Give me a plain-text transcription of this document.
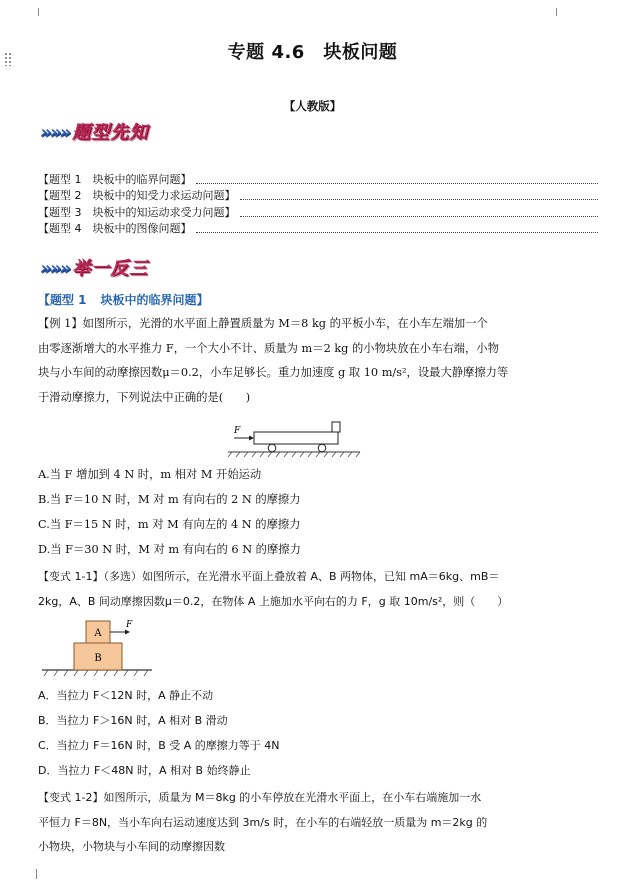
专题 4.6　块板问题
【人教版】
»»» 题型先知
【题型 1　块板中的临界问题】
【题型 2　块板中的知受力求运动问题】
【题型 3　块板中的知运动求受力问题】
【题型 4　块板中的图像问题】
»»» 举一反三
【题型 1 块板中的临界问题】
【例 1】如图所示，光滑的水平面上静置质量为 M＝8 kg 的平板小车，在小车左端加一个
由零逐渐增大的水平推力 F，一个大小不计、质量为 m＝2 kg 的小物块放在小车右端，小物
块与小车间的动摩擦因数μ＝0.2，小车足够长。重力加速度 g 取 10 m/s²，设最大静摩擦力等
于滑动摩擦力，下列说法中正确的是(　　)
F
A.当 F 增加到 4 N 时，m 相对 M 开始运动
B.当 F＝10 N 时，M 对 m 有向右的 2 N 的摩擦力
C.当 F＝15 N 时，m 对 M 有向左的 4 N 的摩擦力
D.当 F＝30 N 时，M 对 m 有向右的 6 N 的摩擦力
【变式 1-1】（多选）如图所示，在光滑水平面上叠放着 A、B 两物体，已知 mA＝6kg、mB＝
2kg，A、B 间动摩擦因数μ＝0.2，在物体 A 上施加水平向右的力 F，g 取 10m/s²，则（　　）
B
A
F
A．当拉力 F＜12N 时，A 静止不动
B．当拉力 F＞16N 时，A 相对 B 滑动
C．当拉力 F＝16N 时，B 受 A 的摩擦力等于 4N
D．当拉力 F＜48N 时，A 相对 B 始终静止
【变式 1-2】如图所示，质量为 M＝8kg 的小车停放在光滑水平面上，在小车右端施加一水
平恒力 F＝8N，当小车向右运动速度达到 3m/s 时，在小车的右端轻放一质量为 m＝2kg 的
小物块，小物块与小车间的动摩擦因数
